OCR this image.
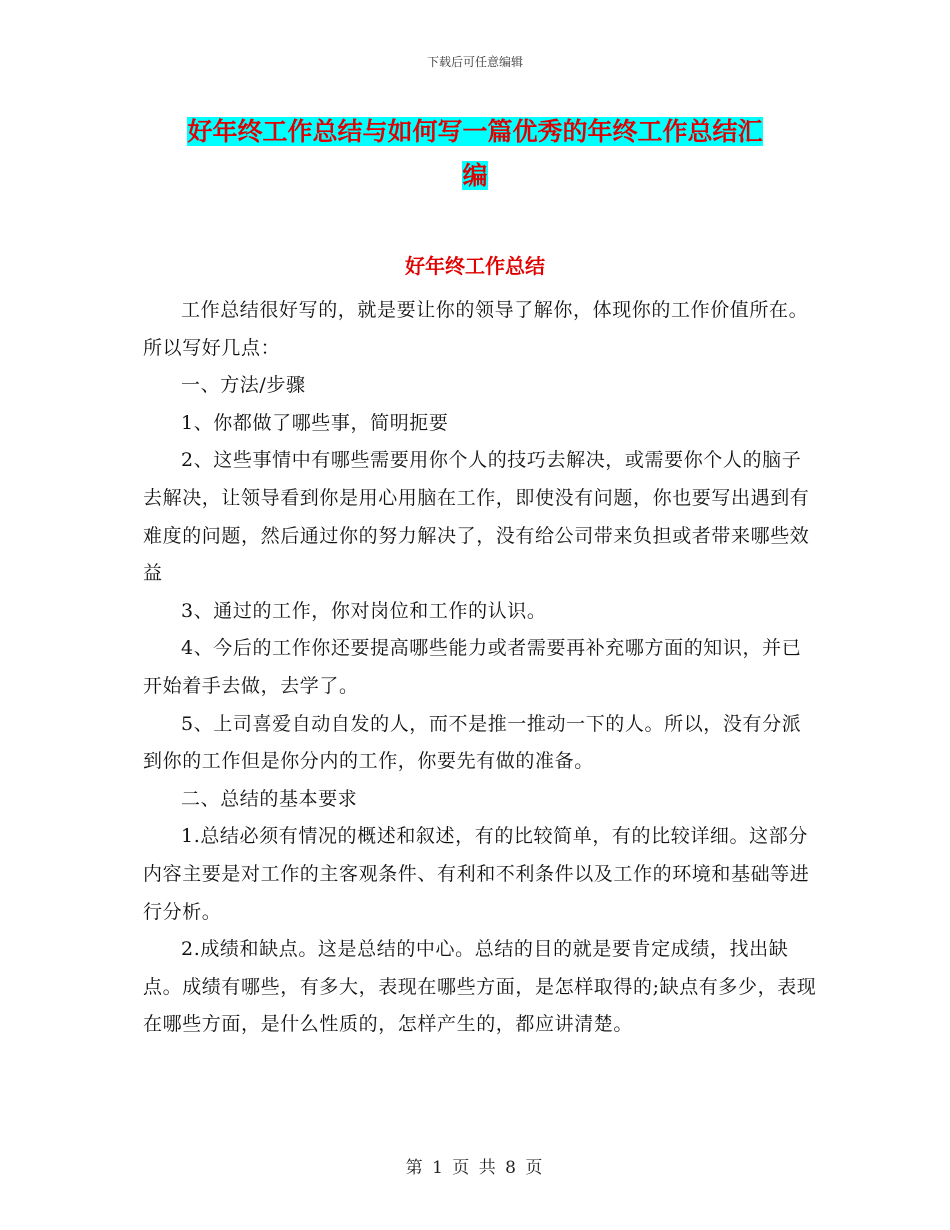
下载后可任意编辑
好年终工作总结与如何写一篇优秀的年终工作总结汇
编
好年终工作总结

工作总结很好写的，就是要让你的领导了解你，体现你的工作价值所在。所以写好几点：

一、方法/步骤

1、你都做了哪些事，简明扼要

2、这些事情中有哪些需要用你个人的技巧去解决，或需要你个人的脑子去解决，让领导看到你是用心用脑在工作，即使没有问题，你也要写出遇到有难度的问题，然后通过你的努力解决了，没有给公司带来负担或者带来哪些效益

3、通过的工作，你对岗位和工作的认识。

4、今后的工作你还要提高哪些能力或者需要再补充哪方面的知识，并已开始着手去做，去学了。

5、上司喜爱自动自发的人，而不是推一推动一下的人。所以，没有分派到你的工作但是你分内的工作，你要先有做的准备。

二、总结的基本要求

1.总结必须有情况的概述和叙述，有的比较简单，有的比较详细。这部分内容主要是对工作的主客观条件、有利和不利条件以及工作的环境和基础等进行分析。

2.成绩和缺点。这是总结的中心。总结的目的就是要肯定成绩，找出缺点。成绩有哪些，有多大，表现在哪些方面，是怎样取得的;缺点有多少，表现在哪些方面，是什么性质的，怎样产生的，都应讲清楚。

第 1 页 共 8 页
